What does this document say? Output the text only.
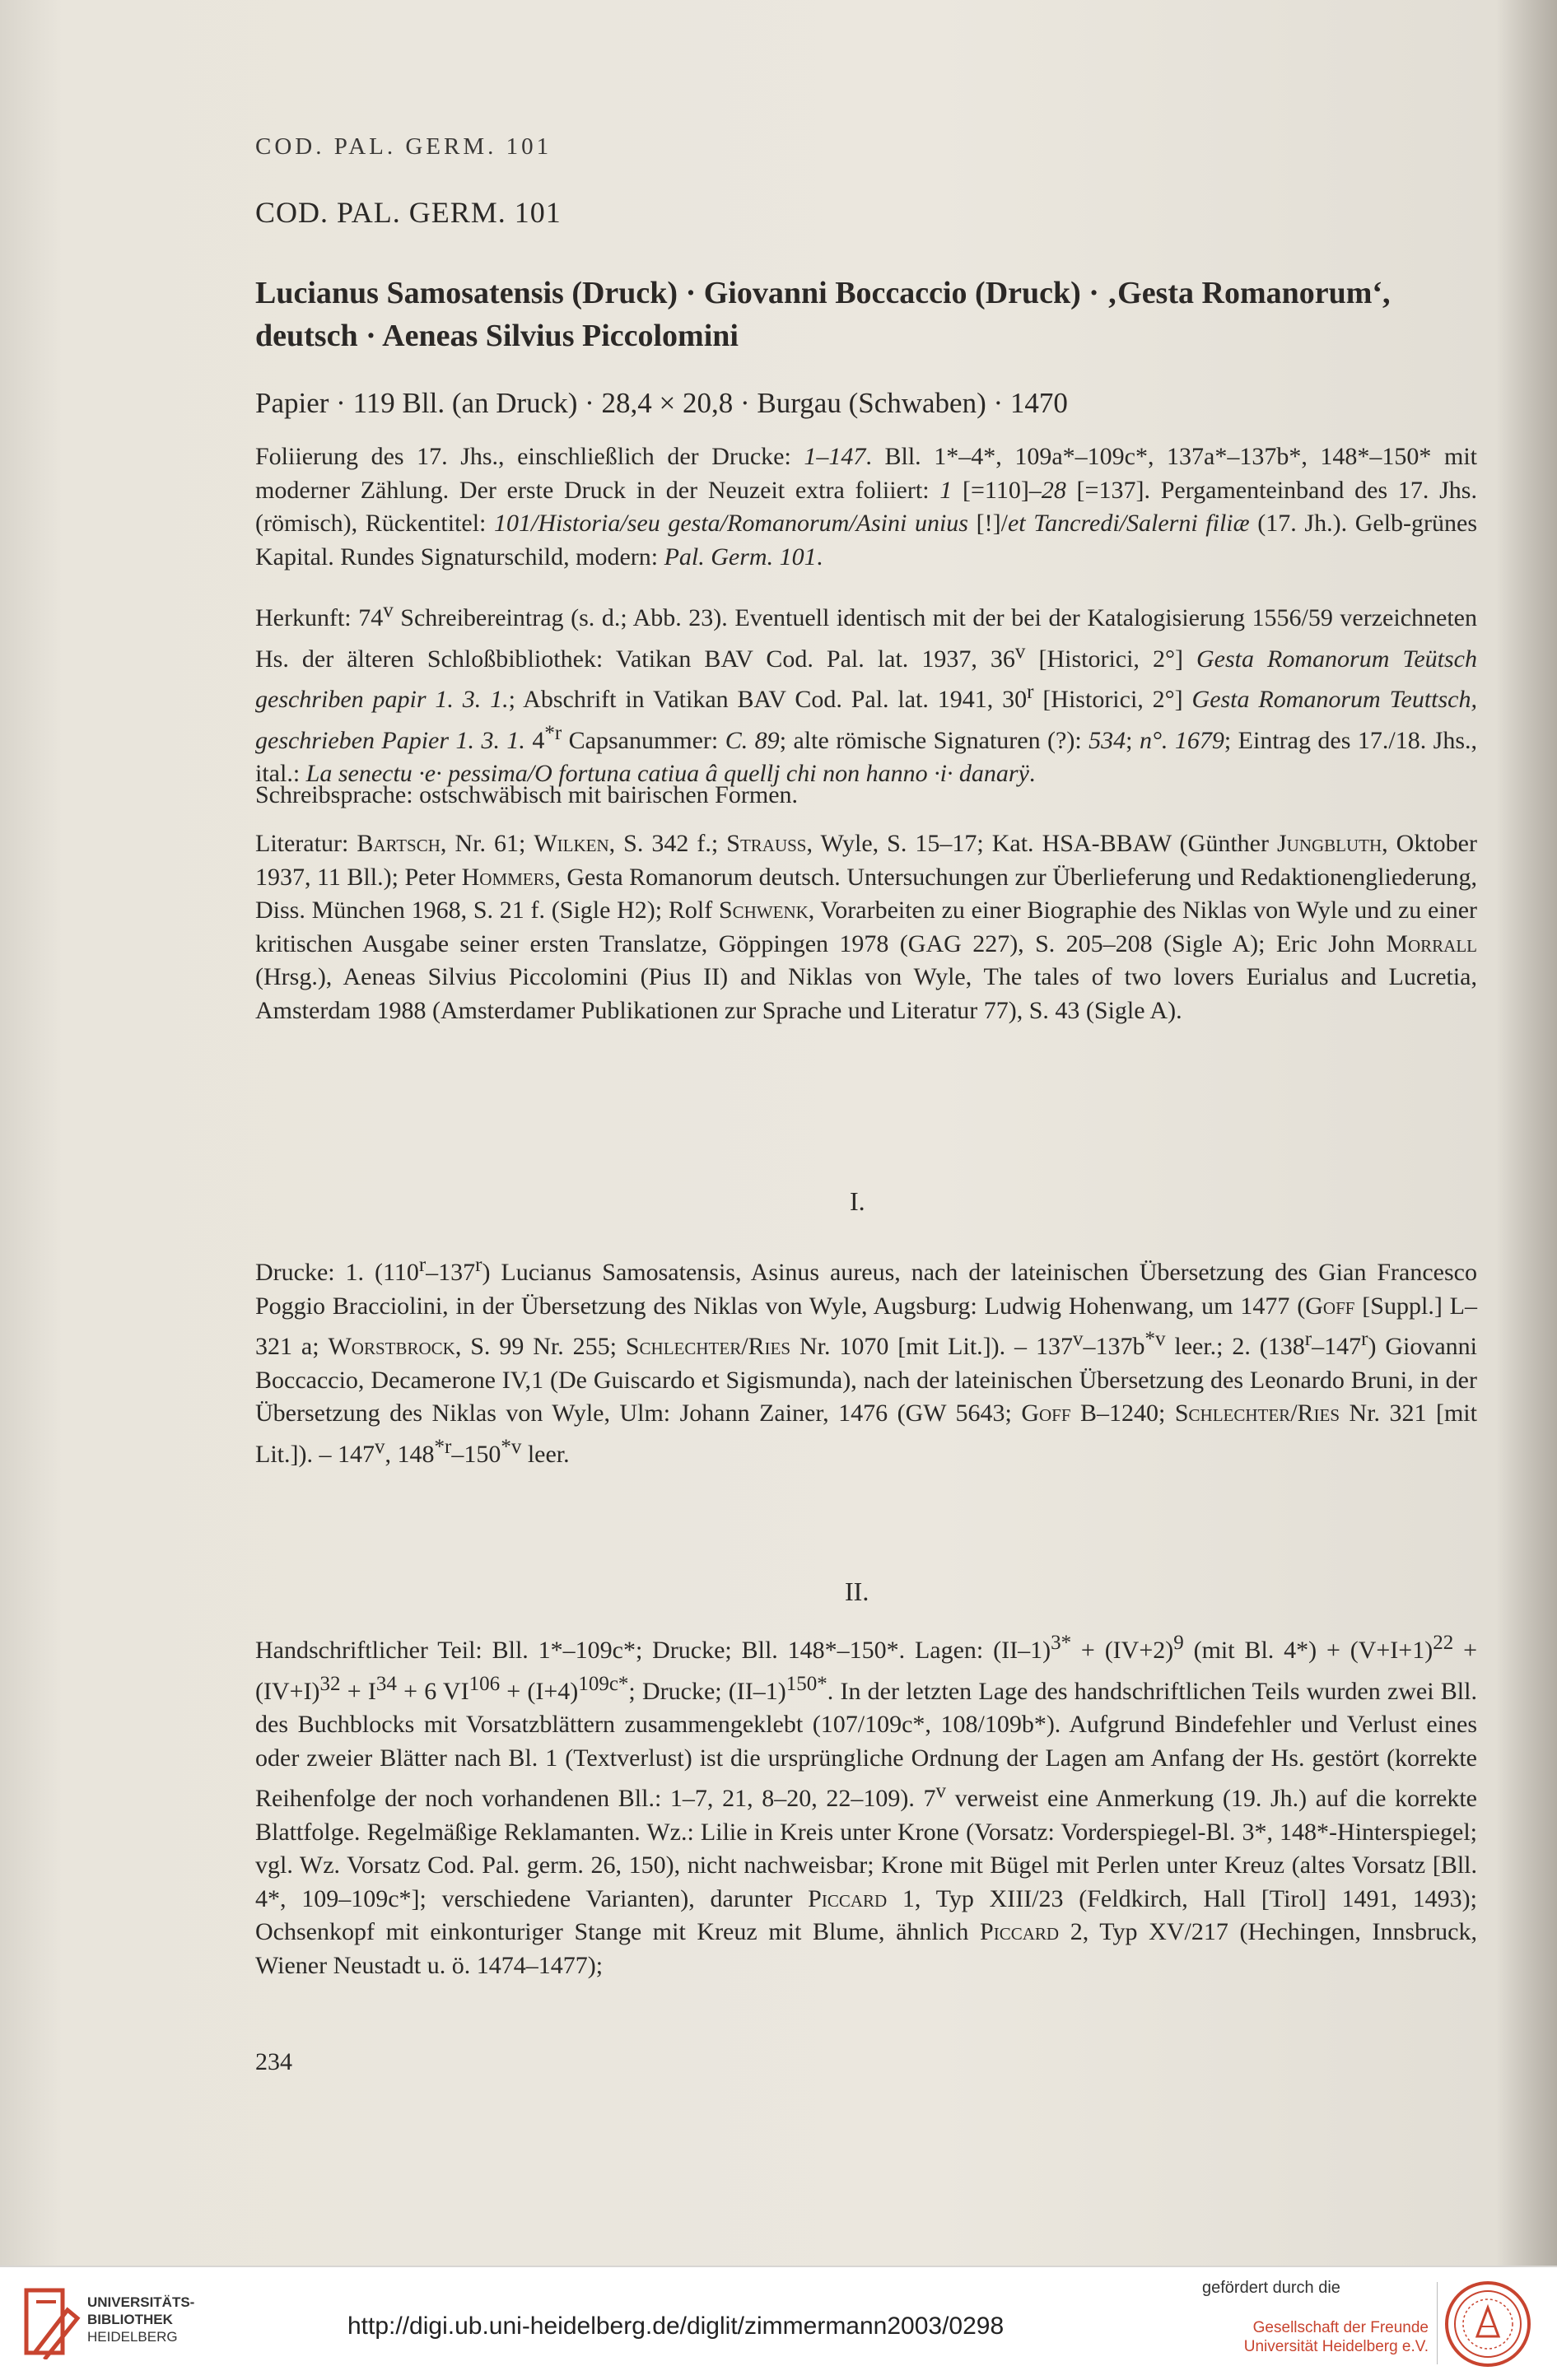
COD. PAL. GERM. 101
COD. PAL. GERM. 101
Lucianus Samosatensis (Druck) · Giovanni Boccaccio (Druck) · ‚Gesta Romanorum‘, deutsch · Aeneas Silvius Piccolomini
Papier · 119 Bll. (an Druck) · 28,4 × 20,8 · Burgau (Schwaben) · 1470
Foliierung des 17. Jhs., einschließlich der Drucke: 1–147. Bll. 1*–4*, 109a*–109c*, 137a*–137b*, 148*–150* mit moderner Zählung. Der erste Druck in der Neuzeit extra foliiert: 1 [=110]–28 [=137]. Pergamenteinband des 17. Jhs. (römisch), Rückentitel: 101/Historia/seu gesta/Romanorum/Asini unius [!]/et Tancredi/Salerni filiæ (17. Jh.). Gelb-grünes Kapital. Rundes Signaturschild, modern: Pal. Germ. 101.
Herkunft: 74$^v$ Schreibereintrag (s. d.; Abb. 23). Eventuell identisch mit der bei der Katalogisierung 1556/59 verzeichneten Hs. der älteren Schloßbibliothek: Vatikan BAV Cod. Pal. lat. 1937, 36$^v$ [Historici, 2°] Gesta Romanorum Teütsch geschriben papir 1. 3. 1.; Abschrift in Vatikan BAV Cod. Pal. lat. 1941, 30$^r$ [Historici, 2°] Gesta Romanorum Teuttsch, geschrieben Papier 1. 3. 1. 4$^{*r}$ Capsanummer: C. 89; alte römische Signaturen (?): 534; n°. 1679; Eintrag des 17./18. Jhs., ital.: La senectu ·e· pessima/O fortuna catiua â quellj chi non hanno ·i· danarÿ.
Schreibsprache: ostschwäbisch mit bairischen Formen.
Literatur: Bartsch, Nr. 61; Wilken, S. 342 f.; Strauss, Wyle, S. 15–17; Kat. HSA-BBAW (Günther Jungbluth, Oktober 1937, 11 Bll.); Peter Hommers, Gesta Romanorum deutsch. Untersuchungen zur Überlieferung und Redaktionengliederung, Diss. München 1968, S. 21 f. (Sigle H2); Rolf Schwenk, Vorarbeiten zu einer Biographie des Niklas von Wyle und zu einer kritischen Ausgabe seiner ersten Translatze, Göppingen 1978 (GAG 227), S. 205–208 (Sigle A); Eric John Morrall (Hrsg.), Aeneas Silvius Piccolomini (Pius II) and Niklas von Wyle, The tales of two lovers Eurialus and Lucretia, Amsterdam 1988 (Amsterdamer Publikationen zur Sprache und Literatur 77), S. 43 (Sigle A).
I.
Drucke: 1. (110$^r$–137$^r$) Lucianus Samosatensis, Asinus aureus, nach der lateinischen Übersetzung des Gian Francesco Poggio Bracciolini, in der Übersetzung des Niklas von Wyle, Augsburg: Ludwig Hohenwang, um 1477 (Goff [Suppl.] L–321 a; Worstbrock, S. 99 Nr. 255; Schlechter/Ries Nr. 1070 [mit Lit.]). – $137^v-137b^{*v}$ leer.; 2. (138$^r$–147$^r$) Giovanni Boccaccio, Decamerone IV,1 (De Guiscardo et Sigismunda), nach der lateinischen Übersetzung des Leonardo Bruni, in der Übersetzung des Niklas von Wyle, Ulm: Johann Zainer, 1476 (GW 5643; Goff B–1240; Schlechter/Ries Nr. 321 [mit Lit.]). – 147$^v$, 148$^{*r}$–150$^{*v}$ leer.
II.
Handschriftlicher Teil: Bll. 1*–109c*; Drucke; Bll. 148*–150*. Lagen: $(II-1)^{3*} + (IV+2)^9$ (mit Bl. $4*) + (V+I+1)^{22} + (IV+I)^{32} + I^{34} + 6$ $VI^{106} + (I+4)^{109c*}$; Drucke; $(II-1)^{150*}$. In der letzten Lage des handschriftlichen Teils wurden zwei Bll. des Buchblocks mit Vorsatzblättern zusammengeklebt (107/109c*, 108/109b*). Aufgrund Bindefehler und Verlust eines oder zweier Blätter nach Bl. 1 (Textverlust) ist die ursprüngliche Ordnung der Lagen am Anfang der Hs. gestört (korrekte Reihenfolge der noch vorhandenen Bll.: 1–7, 21, 8–20, 22–109). 7$^v$ verweist eine Anmerkung (19. Jh.) auf die korrekte Blattfolge. Regelmäßige Reklamanten. Wz.: Lilie in Kreis unter Krone (Vorsatz: Vorderspiegel-Bl. 3*, 148*-Hinterspiegel; vgl. Wz. Vorsatz Cod. Pal. germ. 26, 150), nicht nachweisbar; Krone mit Bügel mit Perlen unter Kreuz (altes Vorsatz [Bll. 4*, 109–109c*]; verschiedene Varianten), darunter Piccard 1, Typ XIII/23 (Feldkirch, Hall [Tirol] 1491, 1493); Ochsenkopf mit einkonturiger Stange mit Kreuz mit Blume, ähnlich Piccard 2, Typ XV/217 (Hechingen, Innsbruck, Wiener Neustadt u. ö. 1474–1477);
234
UNIVERSITÄTS-
BIBLIOTHEK
HEIDELBERG	http://digi.ub.uni-heidelberg.de/diglit/zimmermann2003/0298
gefördert durch die
Gesellschaft der Freunde
Universität Heidelberg e.V.
